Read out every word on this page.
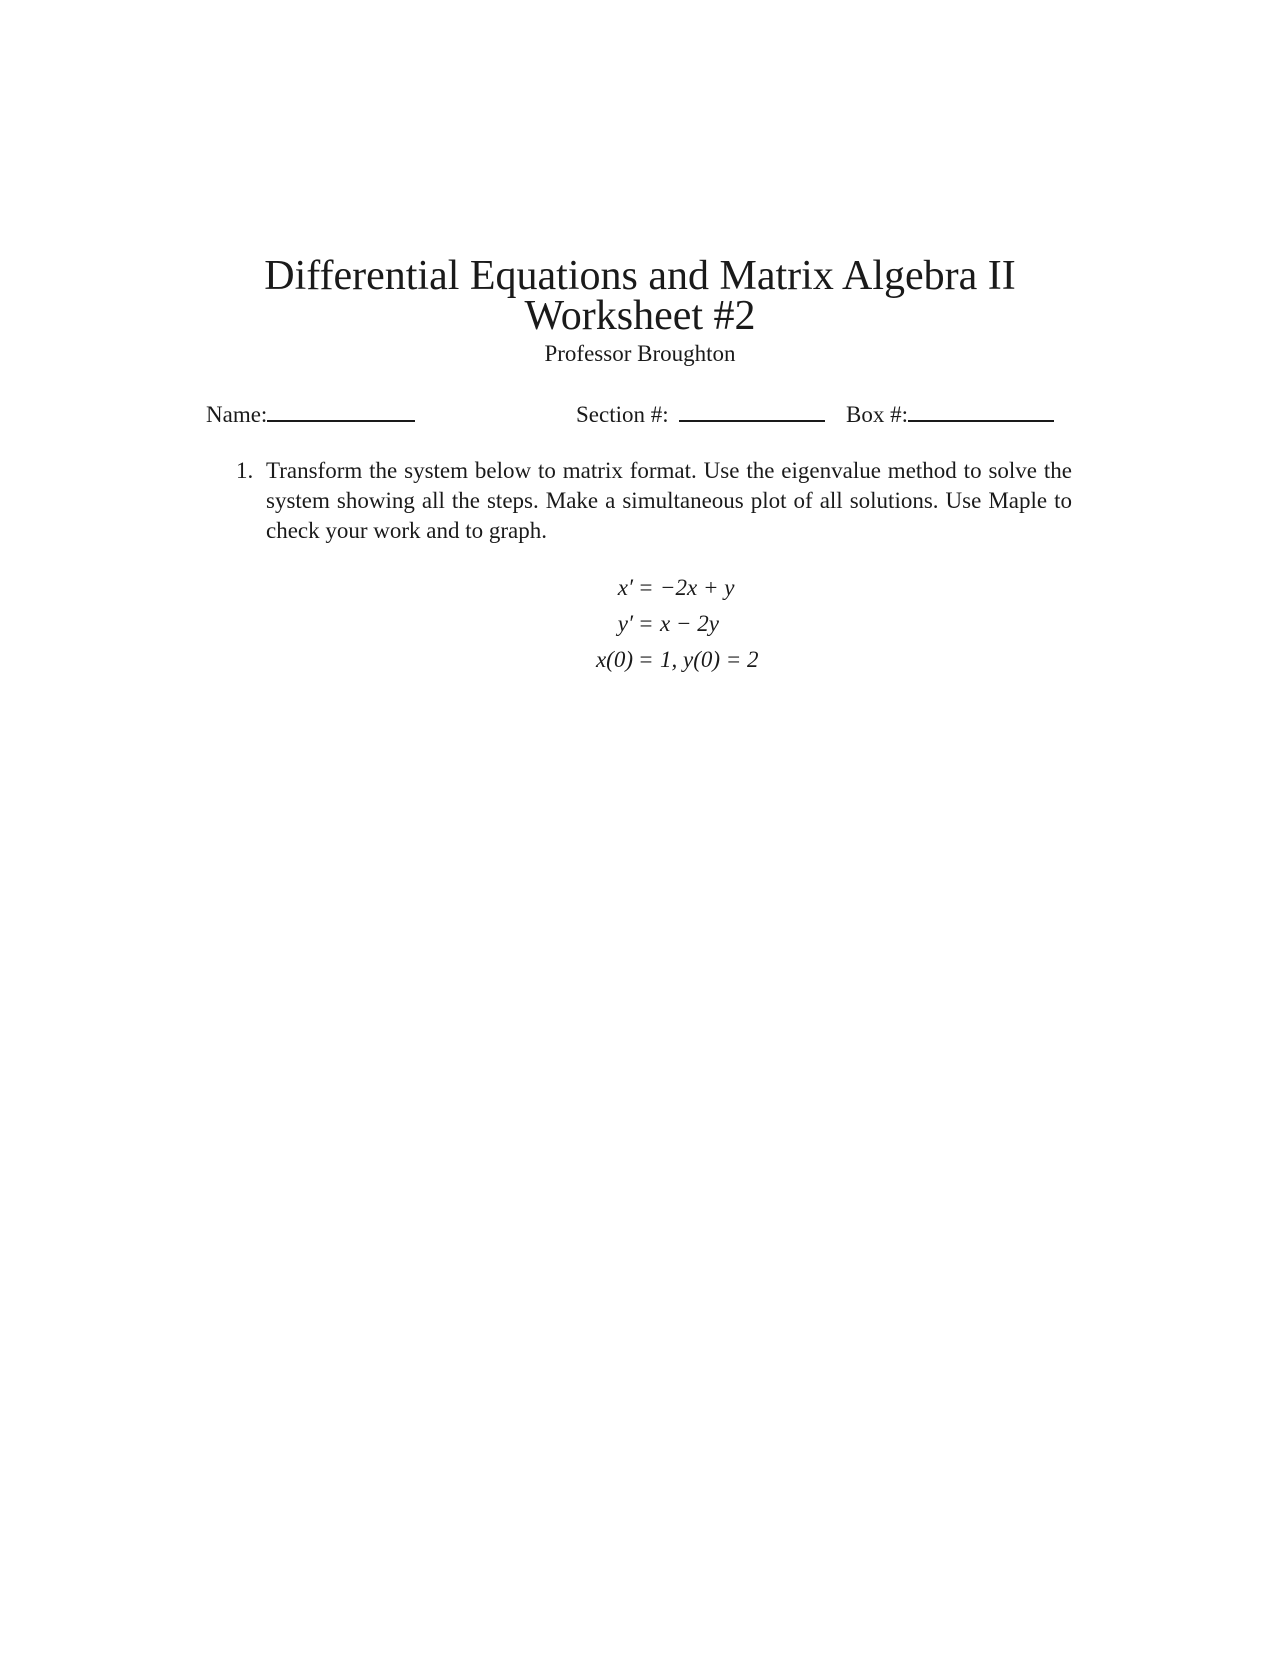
Differential Equations and Matrix Algebra II
Worksheet #2
Professor Broughton
Name:	Section #:	Box #:
1. Transform the system below to matrix format. Use the eigenvalue method to solve the system showing all the steps. Make a simultaneous plot of all solutions. Use Maple to check your work and to graph.
x′ = −2x + y
y′ = x − 2y
x(0) = 1, y(0) = 2
